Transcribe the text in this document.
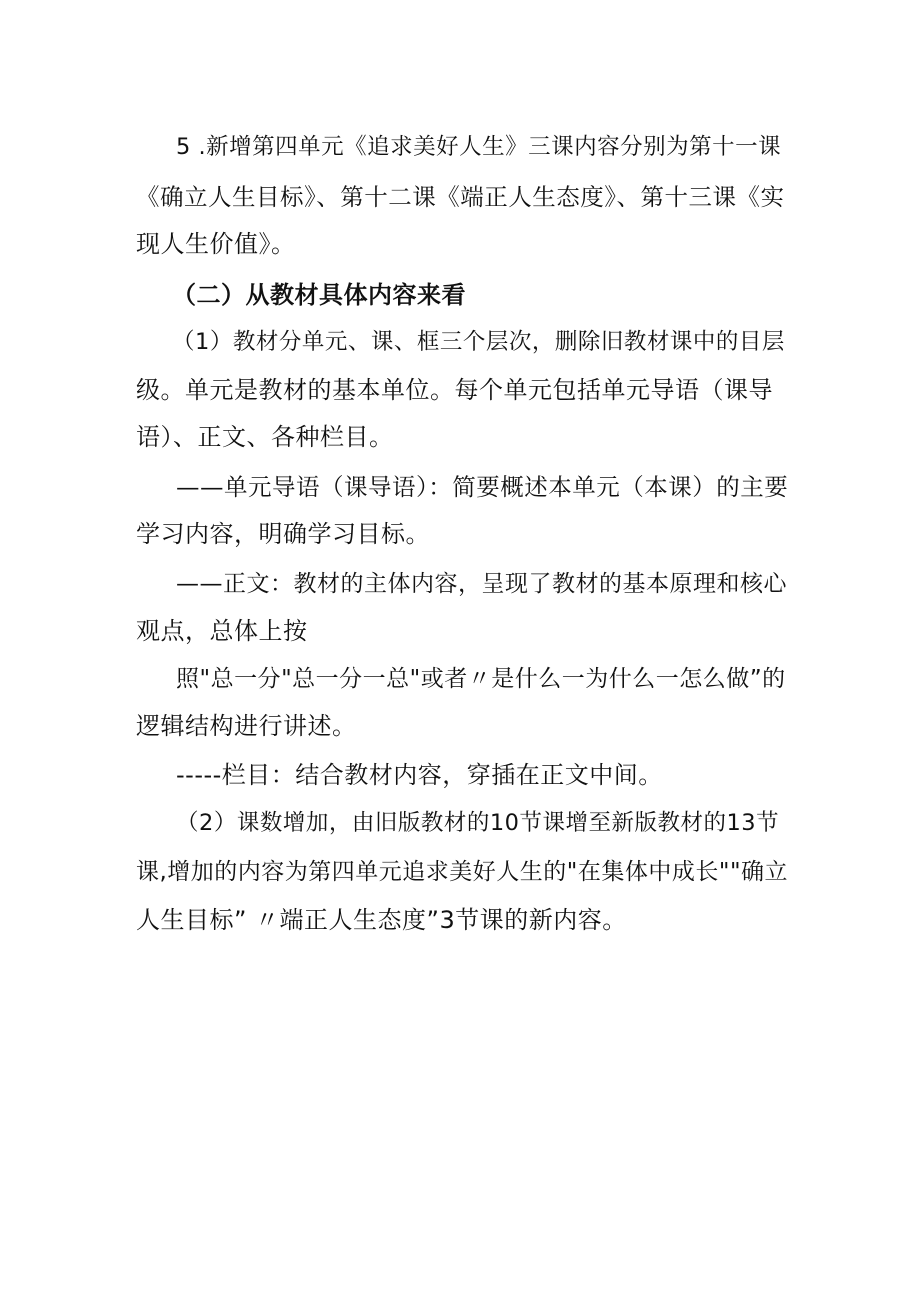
5 .新增第四单元《追求美好人生》三课内容分别为第十一课
《确立人生目标》、第十二课《端正人生态度》、第十三课《实
现人生价值》。
（二）从教材具体内容来看
（1）教材分单元、课、框三个层次，删除旧教材课中的目层
级。单元是教材的基本单位。每个单元包括单元导语（课导
语）、正文、各种栏目。
——单元导语（课导语）：简要概述本单元（本课）的主要
学习内容，明确学习目标。
——正文：教材的主体内容，呈现了教材的基本原理和核心
观点，总体上按
照"总一分"总一分一总"或者〃是什么一为什么一怎么做”的
逻辑结构进行讲述。
-----栏目：结合教材内容，穿插在正文中间。
（2）课数增加，由旧版教材的10节课增至新版教材的13节
课,增加的内容为第四单元追求美好人生的"在集体中成长""确立
人生目标” 〃端正人生态度”3节课的新内容。
